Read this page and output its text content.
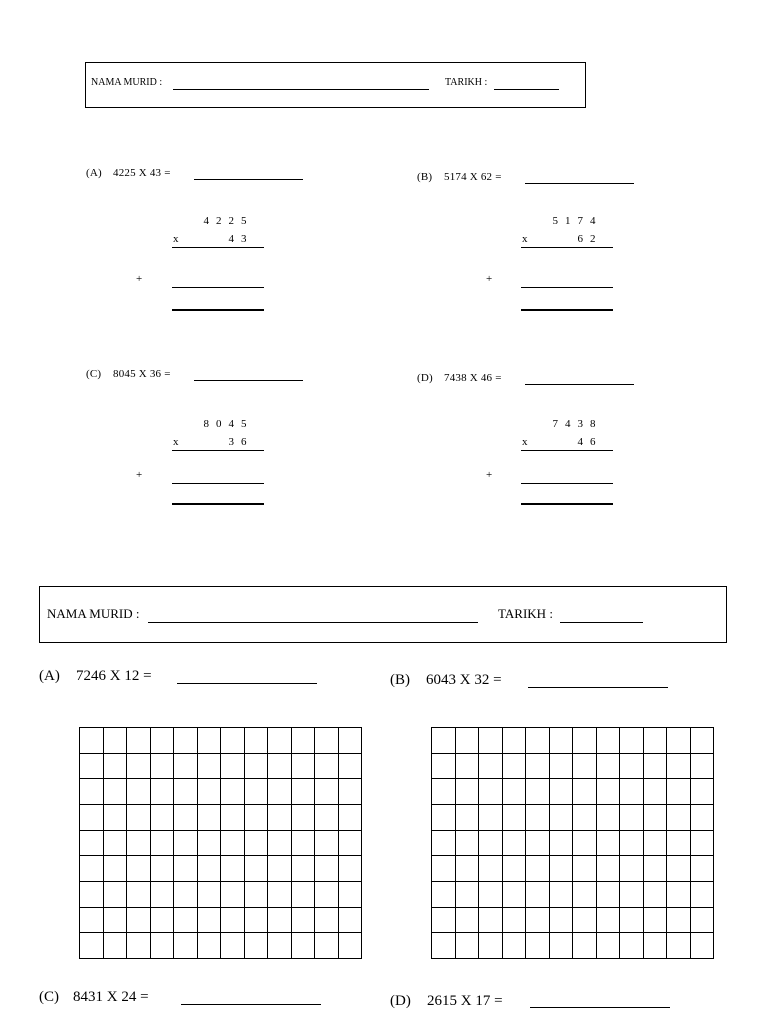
NAMA MURID :	TARIKH :
(A) 4225 X 43 =
4 2 2 5
x	4 3
+
(B) 5174 X 62 =
5 1 7 4
x	6 2
+
(C) 8045 X 36 =
8 0 4 5
x	3 6
+
(D) 7438 X 46 =
7 4 3 8
x	4 6
+
NAMA MURID :	TARIKH :
(A) 7246 X 12 =	(B) 6043 X 32 =
(C) 8431 X 24 =	(D) 2615 X 17 =
